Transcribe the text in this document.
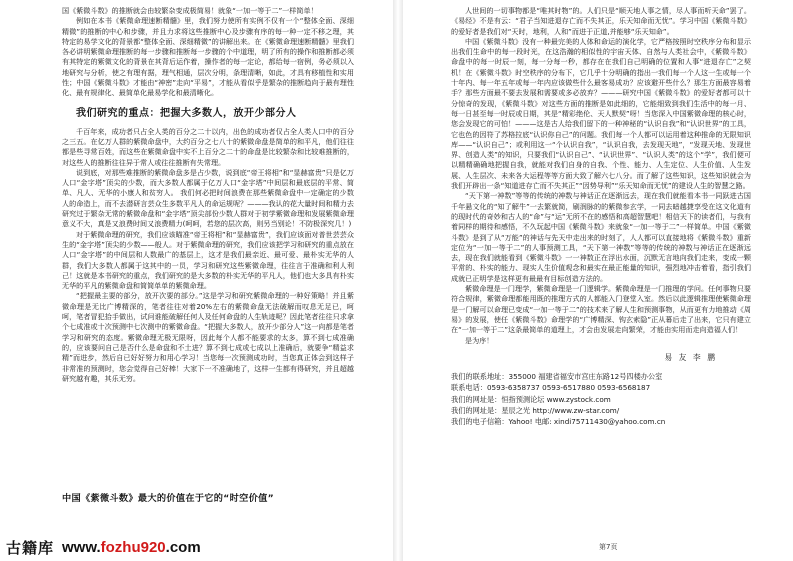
国《紫微斗数》的推断就会由较繁杂变成极简易！就象“一加一等于二”一样简单！

例如在本书《紫微命理速断精髓》里，我们努力使所有实例不仅有一个“整体全面、深细精微”的推断的中心和步骤，并且力求将这些推断中心及步骤有序的每一种一定不移之理，其特定的易学文化的背景都“整体全面、深细精微”的讲解出来。在《紫微命理速断精髓》里我们各必讲明紫微命理推断的每一步骤和推断每一步骤的个中道理，明了所有的操作和推断都必须有其特定的紫微文化的背景在其背后运作着，操作者的每一定论，都给每一宿例，务必须以入地研究与分析，使之有理有据，理气相通，层次分明，条理清晰，如此，才具有移植性和实用性；中国《紫微斗数》才能由“神密”走向“平易”，才能从看似乎是繁杂的推断趋向于最有理性化、最有规律化、最简单化最易学化和最清晰化。

我们研究的重点：把握大多数人，放开少部分人

千百年来，成功者只占全人类的百分之二十以内，出色的成功者仅占全人类人口中的百分之三五。在亿万人群的紫微命盘中，大约百分之七八十的紫微命盘是简单的和平凡，他们往往都是些寻常百姓，而这些在紫微命盘中实不上百分之二十的命盘是比较繁杂和比较难推断的，对这些人的推断往往异于常人或往往推断有失常理。

说到底，对那些难推断的紫微命盘多是占少数，说到底“帝王将相”和“显赫富贵”只是亿万人口“金字塔”顶尖的少数，而大多数人都属于亿万人口“金字塔”中间层和最底层的平常、简单、凡人、无华的小康人和贫穷人。 我们何必把时间浪费在那些紫微命盘中一定确定的少数人的命造上，而不去潜研言芸众生多数平凡人的命运规呢？———我认的花大量时间和精力去研究过于繁杂无常的紫微命盘和“金字塔”顶尖部份少数人群对于初学紫微命理和发展紫微命理意义不大，真是又浪费时间又浪费精力(呵呵，若您的层次高，则另当别论！不防极深究几！)

对于紫微命理的研究，我们应该瞄准“帝王将相”和“显赫富贵”，我们应该面对普世芸芸众生的“金字塔”顶尖的少数——般人。对于紫微命理的研究，我们应该把学习和研究的重点放在人口“金字塔”的中间层和人数最广的基层上，这才是我们最亲近、最可爱、最朴实无华的人群，我们大多数人都属于这其中的一员，学习和研究这些紫微命理，往往言于准确和利人利己！这就是本书研究的重点，我们研究的是大多数的朴实无华的平凡人，他们也大多具有朴实无华的平凡的紫微命盘和简简单单的紫微命理。

“把握最主要的部分，放开次要的部分。”这是学习和研究紫微命理的一种好策略！并且紫微命理是无比广博精深的，笔者往往对着20%左右的紫微命盘无法破解而叹息无足已，呵呵，笔者冒犯拾手做出，试问谁能破解任何人及任何命盘的人生轨迹呢？因此笔者往往只求拿个七成准或十次预测中七次测中的紫微命盘。“把握大多数人，放开少部分人”这一向都是笔者学习和研究的态度。紫微命理无极无限呀，因此每个人都不能要求的太多，算不到七成准确的，应该要问自己是否什么是命盘和不土进？算不到七成或七成以上准确后，就要争“精益求精”而进步，然后自已好好努力和用心学习！当您每一次预测成功时，当您真正体会到这样子非常准的预测时，您会觉得自己好棒！大家下一不准确地了，这样一生都有得研究，并且超越研究越有趣，其乐无穷。

中国《紫微斗数》最大的价值在于它的“时空价值”

人世间的一切事物都是“唯其时物”的。人们只是“顺天地人事之情，尽人事而听天命”罢了。《易经》不是有云：“君子当知进退存亡而不失其正，乐天知命而无忧”。学习中国《紫微斗数》的爱好者是我们对“天时，地利，人和”而进于正道,并能够“乐天知命”。

中国《紫微斗数》没有一种最完美的人体和命运的演化学，它严格按照时空秩序分布和显示出我们生命中的每一段时光，在这浩瀚的相似性的宇宙天体、自然与人类社会中，《紫微斗数》命盘中的每一时辰一刻，每一分每一秒，都存在在我们自己明确的位置和人事“进退存亡”之契机！在《紫微斗数》时空秩序的分布下，它几乎十分明确的指出一我们每一个人这一生或每一个十年内、每一年五年或每一年内应该做些什么最客易成功？应该避开些什么？那生方面最容易着手？那些方面最不要去发展和需要或多必放弃？———研究中国《紫微斗数》的爱好者都可以十分惊奇的发现，《紫微斗数》对这些方面的推断是如此细的，它能细致到我们生活中的每一月、每一日甚至每一时辰或日期，其是“精彩绝伦、天人默契”呀！当您深入中国紫微命理的核心时，您会发现它的可怕！———这是古人给我们留下的一种神秘的“认识自我”和“认识世界”的工具，它也色的因符了苏格拉底“认识你自己”的问题。我们每一个人都可以运用着这种推命的无限知识库——“认识自己”；或利用这一“个认识自我”，“认识自我，去发现天地”，“发现天地、发现世界、创造人类”的知识，只要我们“认识自己”、“认识世界”、“认识人类”的这个“学”，我们便可以精精确确地把握自我，就能对我们自身的自我、个性、能力、人生定位、人生价值、人生发展、人生层次、未来各大运程等等方面大致了解六七八分。而了解了这些知识，这些知识就会为我们开辟出一条“知道进存亡而不失其正”“因势导利”“乐天知命而无忧”的建设人生的智慧之路。

“天下第一神数”等等的传统的神数与神话正在逐渐远去，现在我们就能看本书一同跃进古国千年悬文化的“知了解牛”一去繁就简，刷润脉的的紫微参玄学，一同去暗越捷享受在这文化道有的现时代的奇妙和古人的“命”与“运”无所不在的感悟和高超智慧吧！相信天下的读者们，与我有着同样的期待和感悟，不久玩起中国《紫微斗数》来就象“一加一等于二”一样简单。中国《紫微斗数》是到了从“万能”的神话与先天中走出来的时刻了，人人都可以直接地将《紫微斗数》重新定位为“一加一等于二”的人事预测工具，“天下第一神数”等等的传统的神数与神话正在逐渐远去，现在我们就能看到《紫微斗数》一一神数正在浮出水面，沉默无言地向我们走来，变成一颗平常的、朴实的能力、现实人生价值观念和最实在最正能量的知识，强烈地冲击着看，指引我们成就已正明学是这样更有最最有目标创造方法的。

紫微命理是一门理学，紫微命理是一门逻辑学。紫微命理是一门推理的学问。任何事物只要符合规律，紫微命理都能用既的推理方式的人都能入门登堂入室。然后以此逻辑推理使紫微命理是一门解可以命理已变成“一加一等于二”的技术来了解人生和预测事物，从而更有力地推动《周易》的发展，使任《紫微斗数》命理学的“广博精深、钩玄索隐”正从幕后走了出来，它只有建立在“一加一等于二”这条最简单的道理上，才会由发展走向繁荣，才能由实用而走向造福人们！

是为序！

易 友 李 鹏
我们的联系地址：355000 福建省福安市宫庄东路12号四楼办公室
联系电话：0593-6358737 0593-6517880 0593-6568187
我们的网址是：恒指预测论坛 www.zystock.com
我们的网址是：星辰之光 http://www.zw-star.com/
我们的电子信箱：Yahoo! 电邮: xindi75711430@yahoo.com.cn
第7页
古籍库 www.fozhu920.com
